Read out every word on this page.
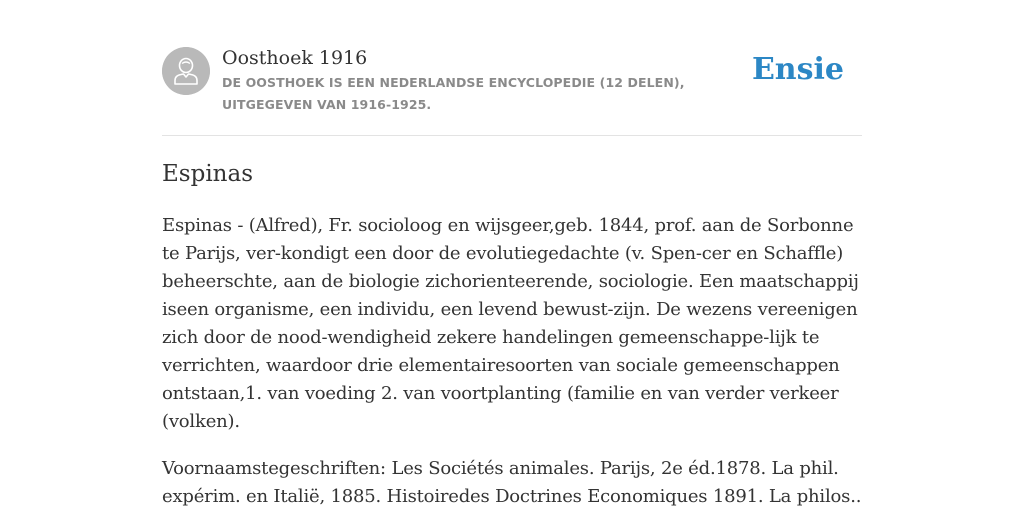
Oosthoek 1916
DE OOSTHOEK IS EEN NEDERLANDSE ENCYCLOPEDIE (12 DELEN), UITGEGEVEN VAN 1916-1925.
Ensie
Espinas

Espinas - (Alfred), Fr. socioloog en wijsgeer,geb. 1844, prof. aan de Sorbonne te Parijs, ver-kondigt een door de evolutiegedachte (v. Spen-cer en Schaffle) beheerschte, aan de biologie zichorienteerende, sociologie. Een maatschappij iseen organisme, een individu, een levend bewust-zijn. De wezens vereenigen zich door de nood-wendigheid zekere handelingen gemeenschappe-lijk te verrichten, waardoor drie elementairesoorten van sociale gemeenschappen ontstaan,1. van voeding 2. van voortplanting (familie en van verder verkeer (volken).

Voornaamstegeschriften: Les Sociétés animales. Parijs, 2e éd.1878. La phil. expérim. en Italië, 1885. Histoiredes Doctrines Economiques 1891. La philos..
